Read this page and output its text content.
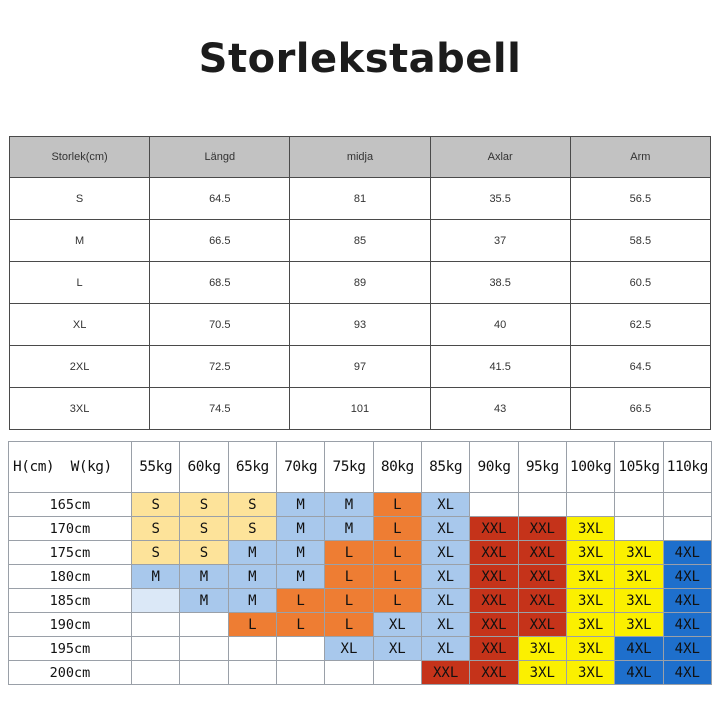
Storlekstabell
Storlek(cm)	Längd	midja	Axlar	Arm
S	64.5	81	35.5	56.5
M	66.5	85	37	58.5
L	68.5	89	38.5	60.5
XL	70.5	93	40	62.5
2XL	72.5	97	41.5	64.5
3XL	74.5	101	43	66.5
H(cm)  W(kg)	55kg	60kg	65kg	70kg	75kg	80kg	85kg	90kg	95kg	100kg	105kg	110kg
165cm	S	S	S	M	M	L	XL					
170cm	S	S	S	M	M	L	XL	XXL	XXL	3XL		
175cm	S	S	M	M	L	L	XL	XXL	XXL	3XL	3XL	4XL
180cm	M	M	M	M	L	L	XL	XXL	XXL	3XL	3XL	4XL
185cm		M	M	L	L	L	XL	XXL	XXL	3XL	3XL	4XL
190cm			L	L	L	XL	XL	XXL	XXL	3XL	3XL	4XL
195cm					XL	XL	XL	XXL	3XL	3XL	4XL	4XL
200cm							XXL	XXL	3XL	3XL	4XL	4XL
